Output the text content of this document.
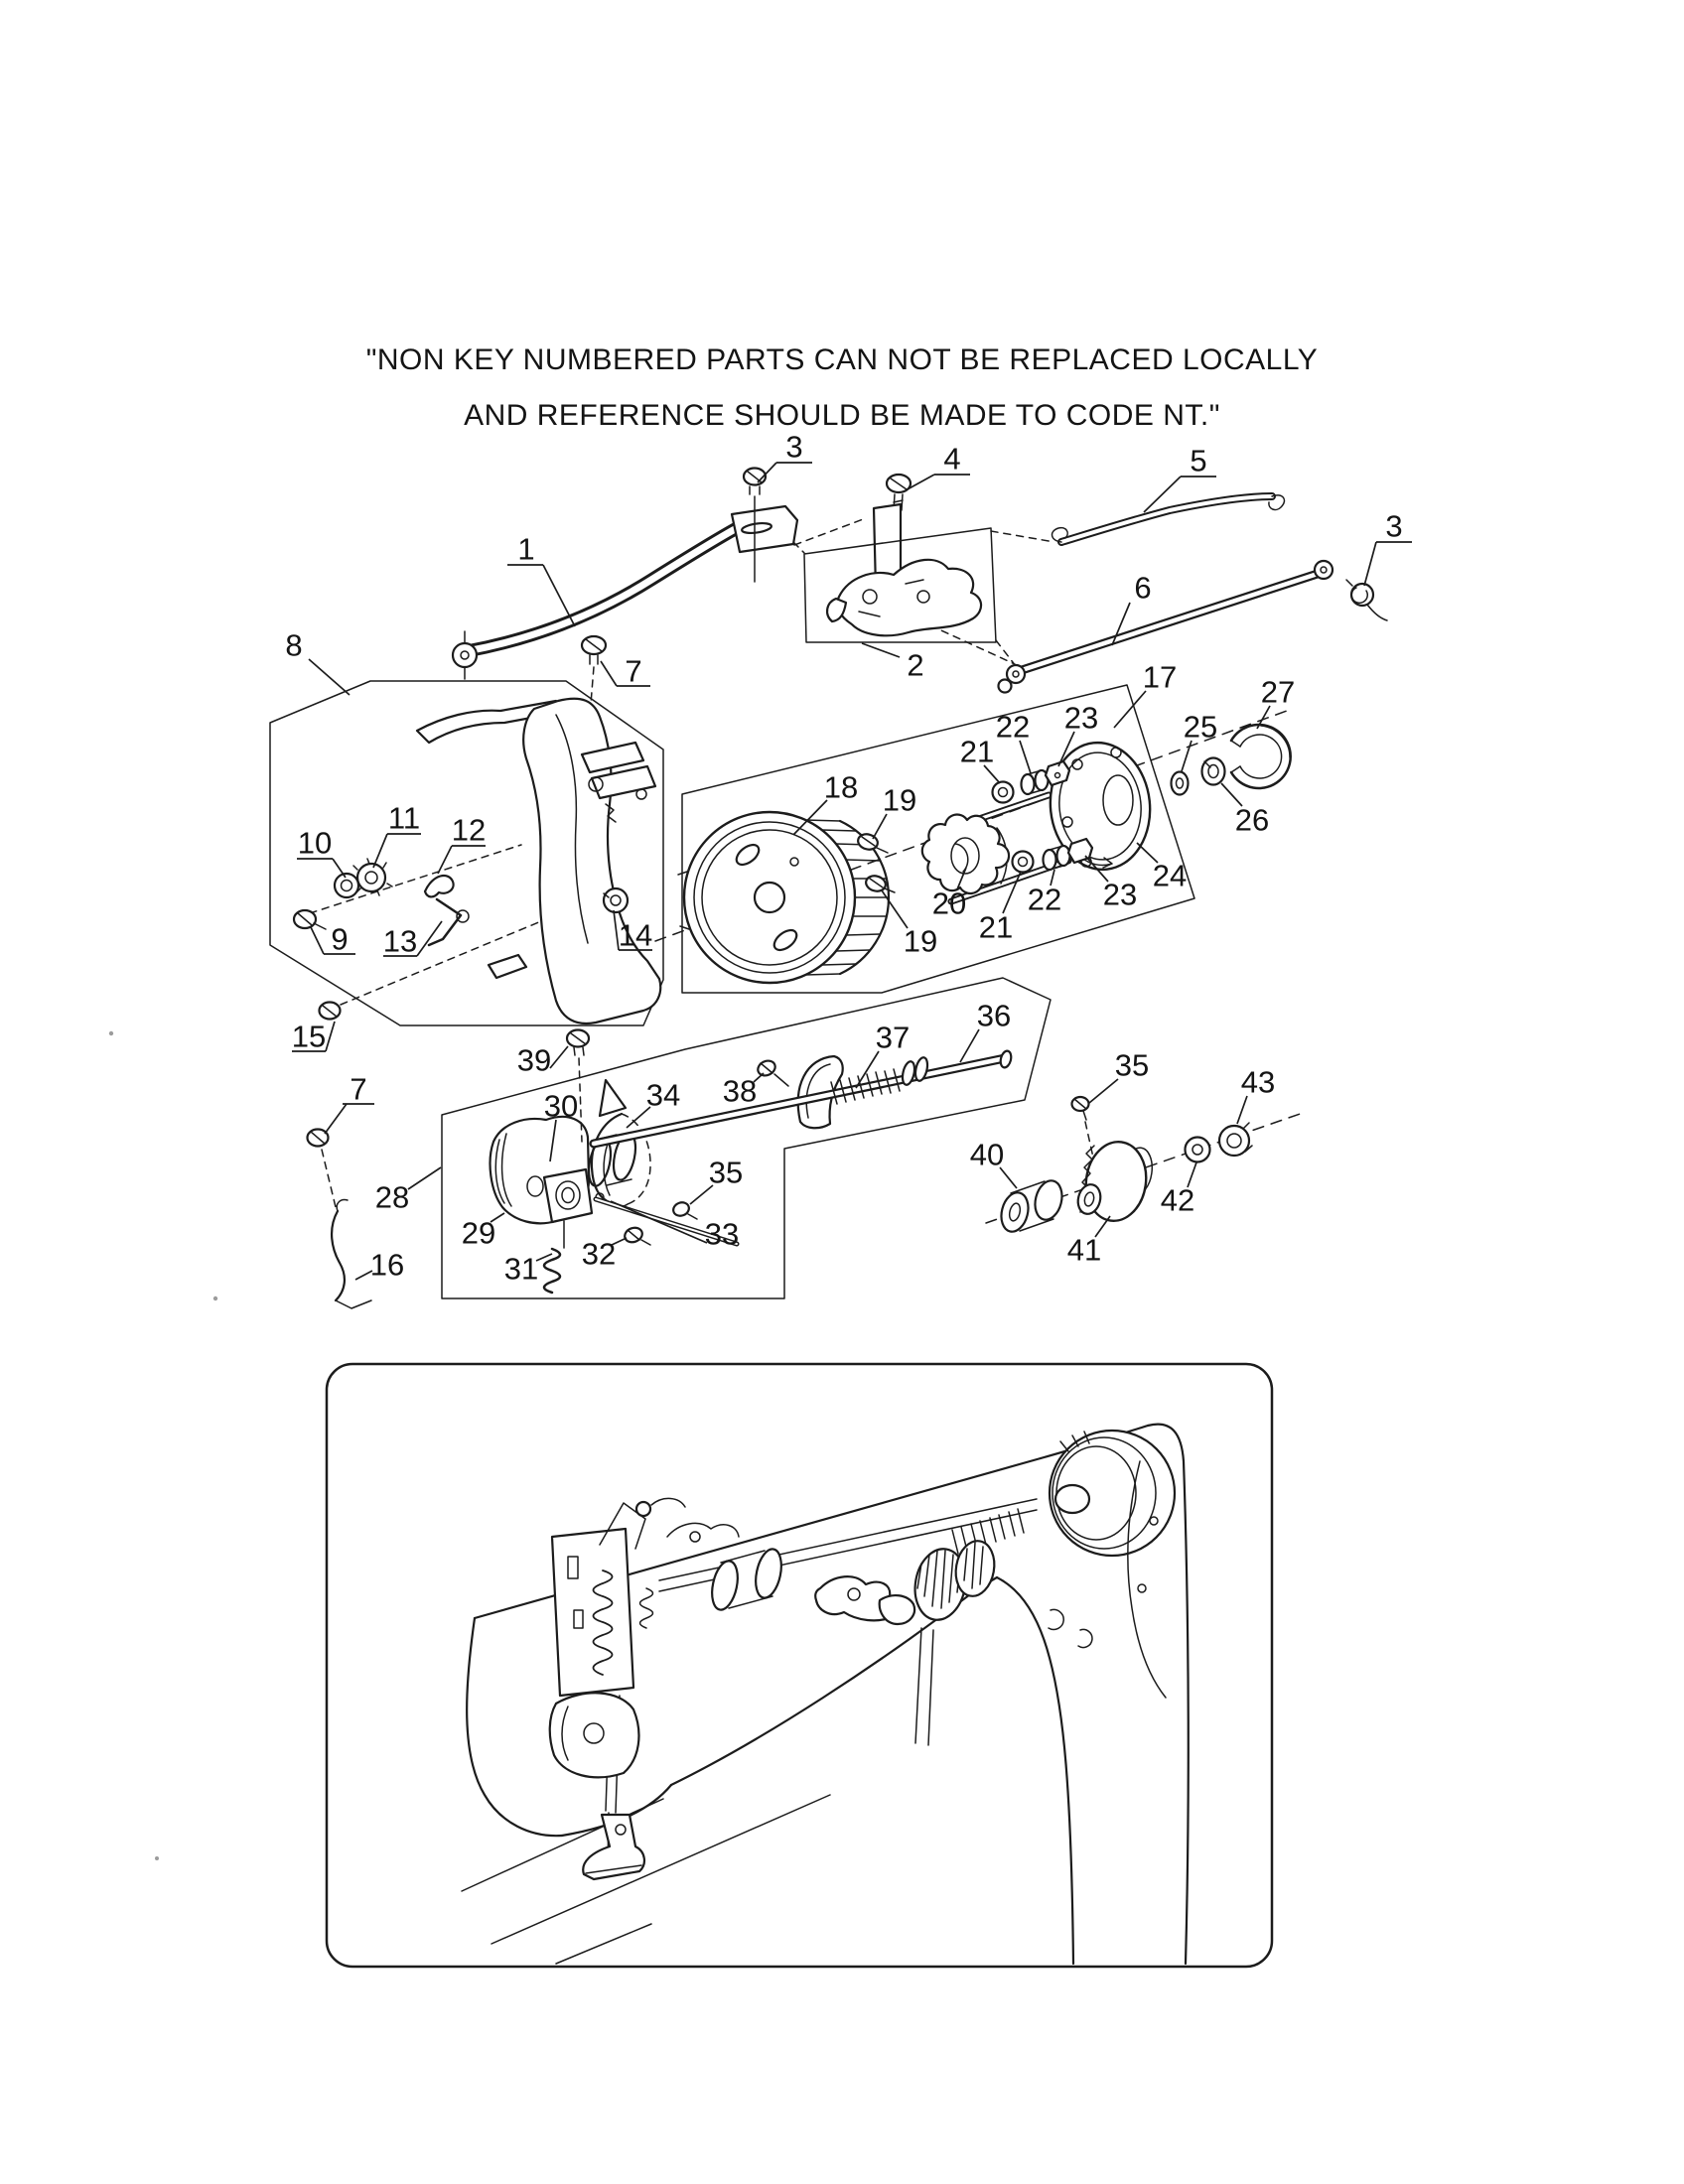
"NON KEY NUMBERED PARTS CAN NOT BE REPLACED LOCALLY
AND REFERENCE SHOULD BE MADE TO CODE NT."
1
3	4	5
3
6
2
8
7
10
11 12
9 13	14
15
17
18 19
21
22 23	25
27
26
24
23
22
21
20
19
36
37
39
38
35
7	30 34	43
40
28
35
42
29	33	41
16	31 32
